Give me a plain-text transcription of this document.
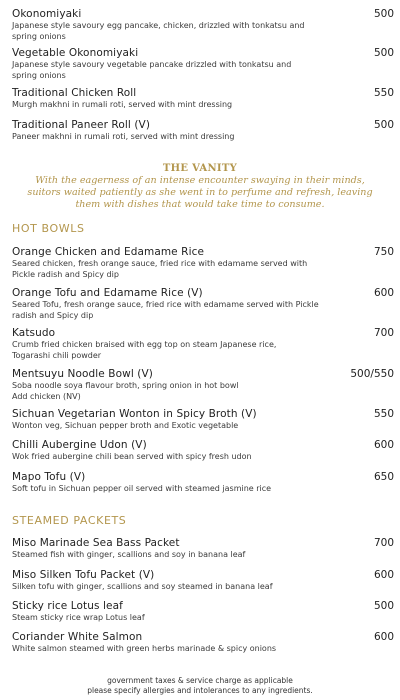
Okonomiyaki	500
Japanese style savoury egg pancake, chicken, drizzled with tonkatsu and spring onions
Vegetable Okonomiyaki	500
Japanese style savoury vegetable pancake drizzled with tonkatsu and spring onions
Traditional Chicken Roll	550
Murgh makhni in rumali roti, served with mint dressing
Traditional Paneer Roll (V)	500
Paneer makhni in rumali roti, served with mint dressing
THE VANITY
With the eagerness of an intense encounter swaying in their minds, suitors waited patiently as she went in to perfume and refresh, leaving them with dishes that would take time to consume.
HOT BOWLS
Orange Chicken and Edamame Rice	750
Seared chicken, fresh orange sauce, fried rice with edamame served with Pickle radish and Spicy dip
Orange Tofu and Edamame Rice (V)	600
Seared Tofu, fresh orange sauce, fried rice with edamame served with Pickle radish and Spicy dip
Katsudo	700
Crumb fried chicken braised with egg top on steam Japanese rice, Togarashi chili powder
Mentsuyu Noodle Bowl (V)	500/550
Soba noodle soya flavour broth, spring onion in hot bowl Add chicken (NV)
Sichuan Vegetarian Wonton in Spicy Broth (V)	550
Wonton veg, Sichuan pepper broth and Exotic vegetable
Chilli Aubergine Udon (V)	600
Wok fried aubergine chili bean served with spicy fresh udon
Mapo Tofu (V)	650
Soft tofu in Sichuan pepper oil served with steamed jasmine rice
STEAMED PACKETS
Miso Marinade Sea Bass Packet	700
Steamed fish with ginger, scallions and soy in banana leaf
Miso Silken Tofu Packet (V)	600
Silken tofu with ginger, scallions and soy steamed in banana leaf
Sticky rice Lotus leaf	500
Steam sticky rice wrap Lotus leaf
Coriander White Salmon	600
White salmon steamed with green herbs marinade & spicy onions
government taxes & service charge as applicable
please specify allergies and intolerances to any ingredients.
